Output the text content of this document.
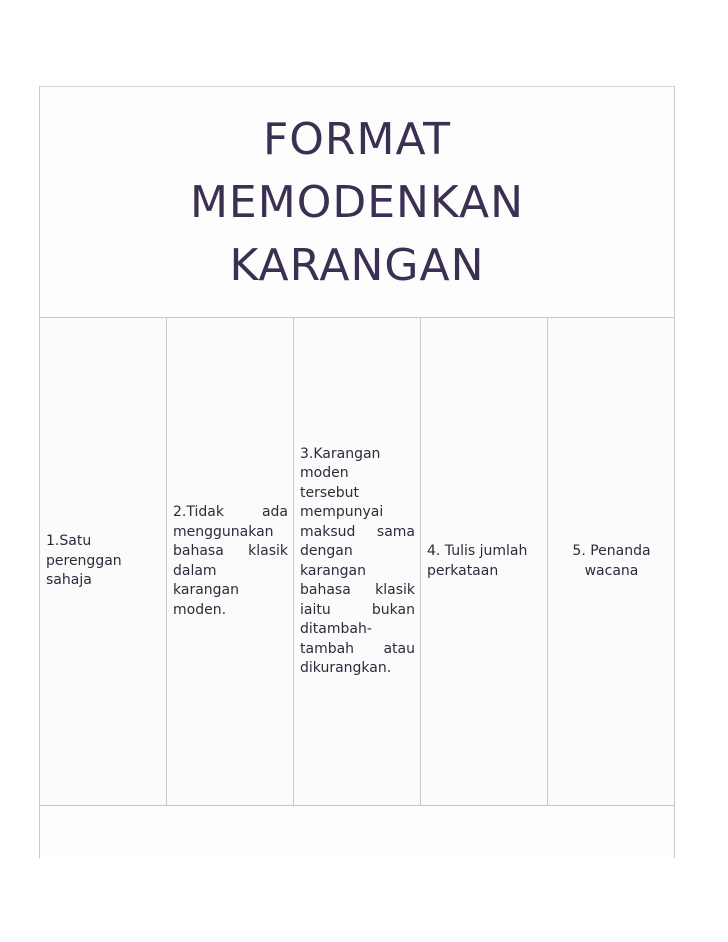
FORMAT
MEMODENKAN
KARANGAN
1.Satu
perenggan
sahaja
2.Tidak	ada
menggunakan
bahasa klasik
dalam
karangan
moden.
3.Karangan
moden
tersebut
mempunyai
maksud sama
dengan
karangan
bahasa klasik
iaitu	bukan
ditambah-
tambah atau
dikurangkan.
4. Tulis jumlah
perkataan
5. Penanda
wacana
